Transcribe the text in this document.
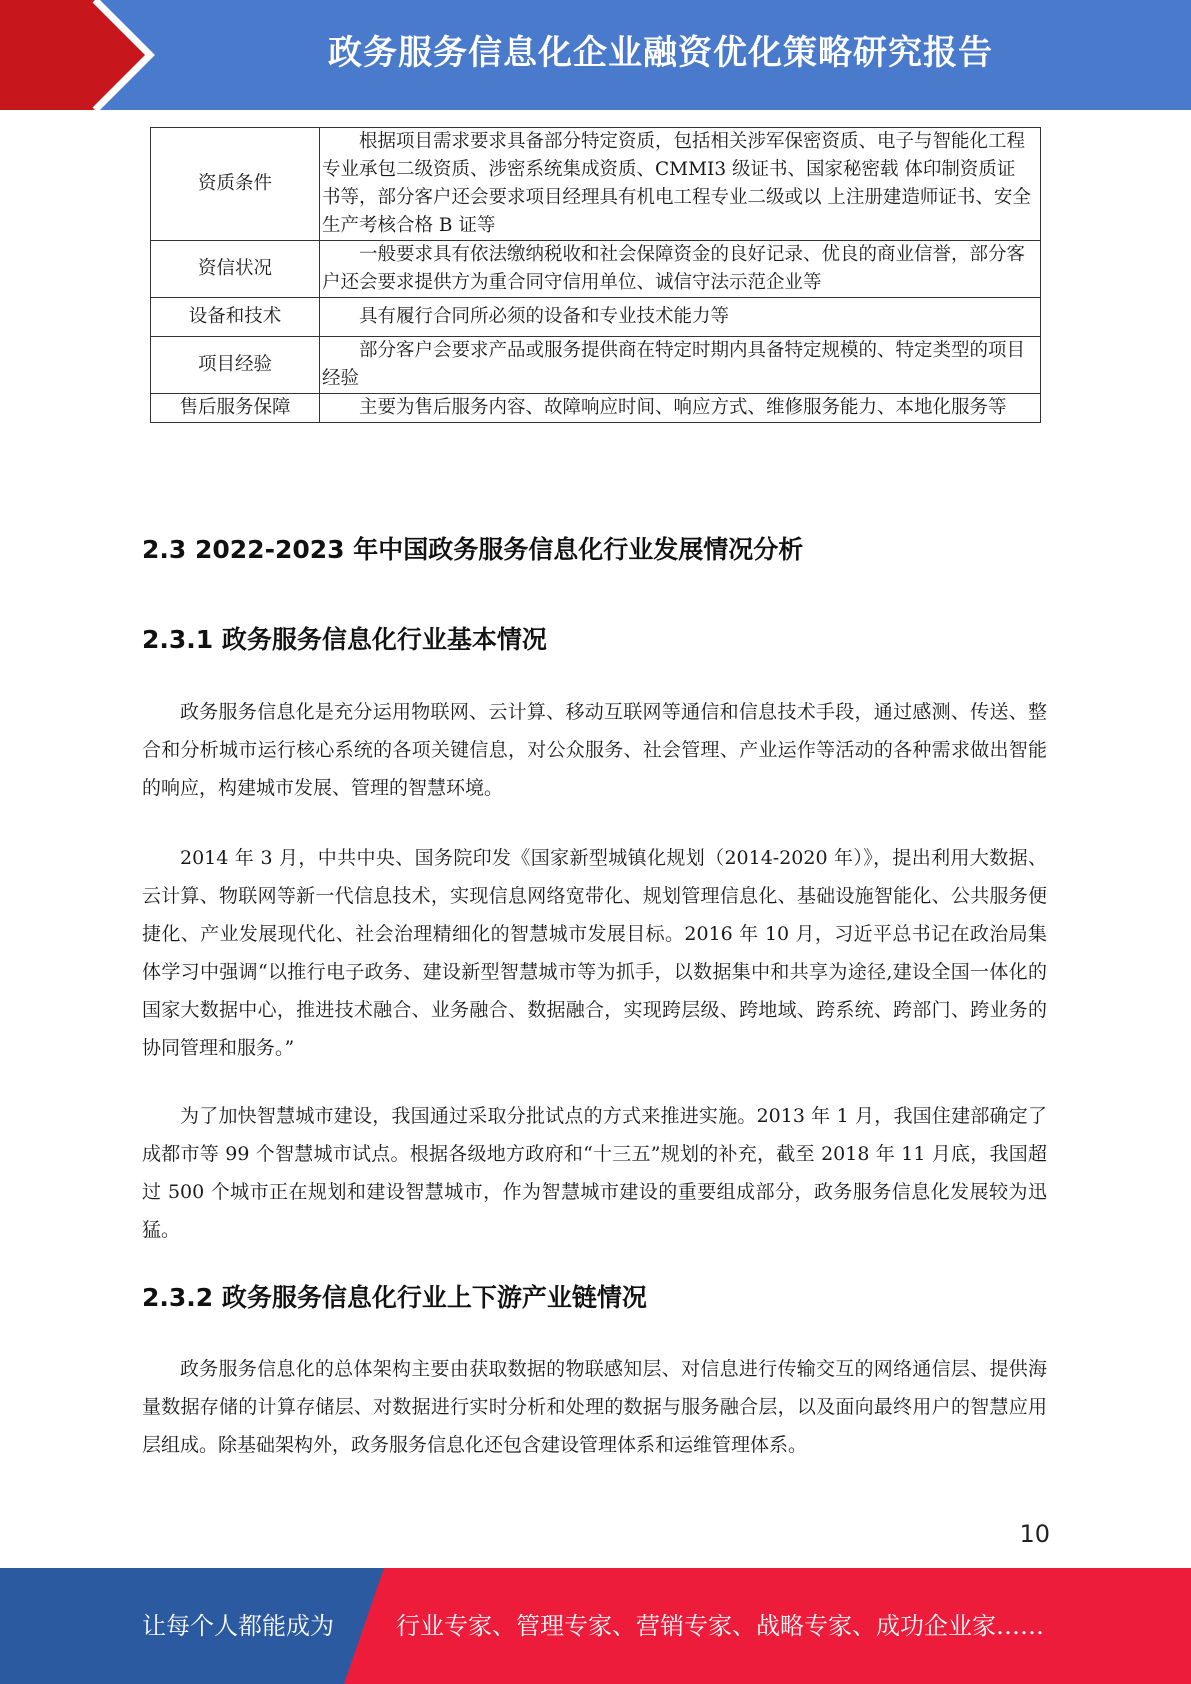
政务服务信息化企业融资优化策略研究报告
资质条件	根据项目需求要求具备部分特定资质，包括相关涉军保密资质、电子与智能化工程专业承包二级资质、涉密系统集成资质、CMMI3 级证书、国家秘密载 体印制资质证书等，部分客户还会要求项目经理具有机电工程专业二级或以 上注册建造师证书、安全生产考核合格 B 证等

资信状况	一般要求具有依法缴纳税收和社会保障资金的良好记录、优良的商业信誉，部分客户还会要求提供方为重合同守信用单位、诚信守法示范企业等

设备和技术	具有履行合同所必须的设备和专业技术能力等

项目经验	部分客户会要求产品或服务提供商在特定时期内具备特定规模的、特定类型的项目经验

售后服务保障	主要为售后服务内容、故障响应时间、响应方式、维修服务能力、本地化服务等
2.3 2022-2023 年中国政务服务信息化行业发展情况分析
2.3.1 政务服务信息化行业基本情况

政务服务信息化是充分运用物联网、云计算、移动互联网等通信和信息技术手段，通过感测、传送、整合和分析城市运行核心系统的各项关键信息，对公众服务、社会管理、产业运作等活动的各种需求做出智能的响应，构建城市发展、管理的智慧环境。

2014 年 3 月，中共中央、国务院印发《国家新型城镇化规划（2014-2020 年）》，提出利用大数据、云计算、物联网等新一代信息技术，实现信息网络宽带化、规划管理信息化、基础设施智能化、公共服务便捷化、产业发展现代化、社会治理精细化的智慧城市发展目标。2016 年 10 月，习近平总书记在政治局集体学习中强调“以推行电子政务、建设新型智慧城市等为抓手，以数据集中和共享为途径,建设全国一体化的国家大数据中心，推进技术融合、业务融合、数据融合，实现跨层级、跨地域、跨系统、跨部门、跨业务的协同管理和服务。”

为了加快智慧城市建设，我国通过采取分批试点的方式来推进实施。2013 年 1 月，我国住建部确定了成都市等 99 个智慧城市试点。根据各级地方政府和“十三五”规划的补充，截至 2018 年 11 月底，我国超过 500 个城市正在规划和建设智慧城市，作为智慧城市建设的重要组成部分，政务服务信息化发展较为迅猛。

2.3.2 政务服务信息化行业上下游产业链情况

政务服务信息化的总体架构主要由获取数据的物联感知层、对信息进行传输交互的网络通信层、提供海量数据存储的计算存储层、对数据进行实时分析和处理的数据与服务融合层，以及面向最终用户的智慧应用层组成。除基础架构外，政务服务信息化还包含建设管理体系和运维管理体系。

10
让每个人都能成为	行业专家、管理专家、营销专家、战略专家、成功企业家……
